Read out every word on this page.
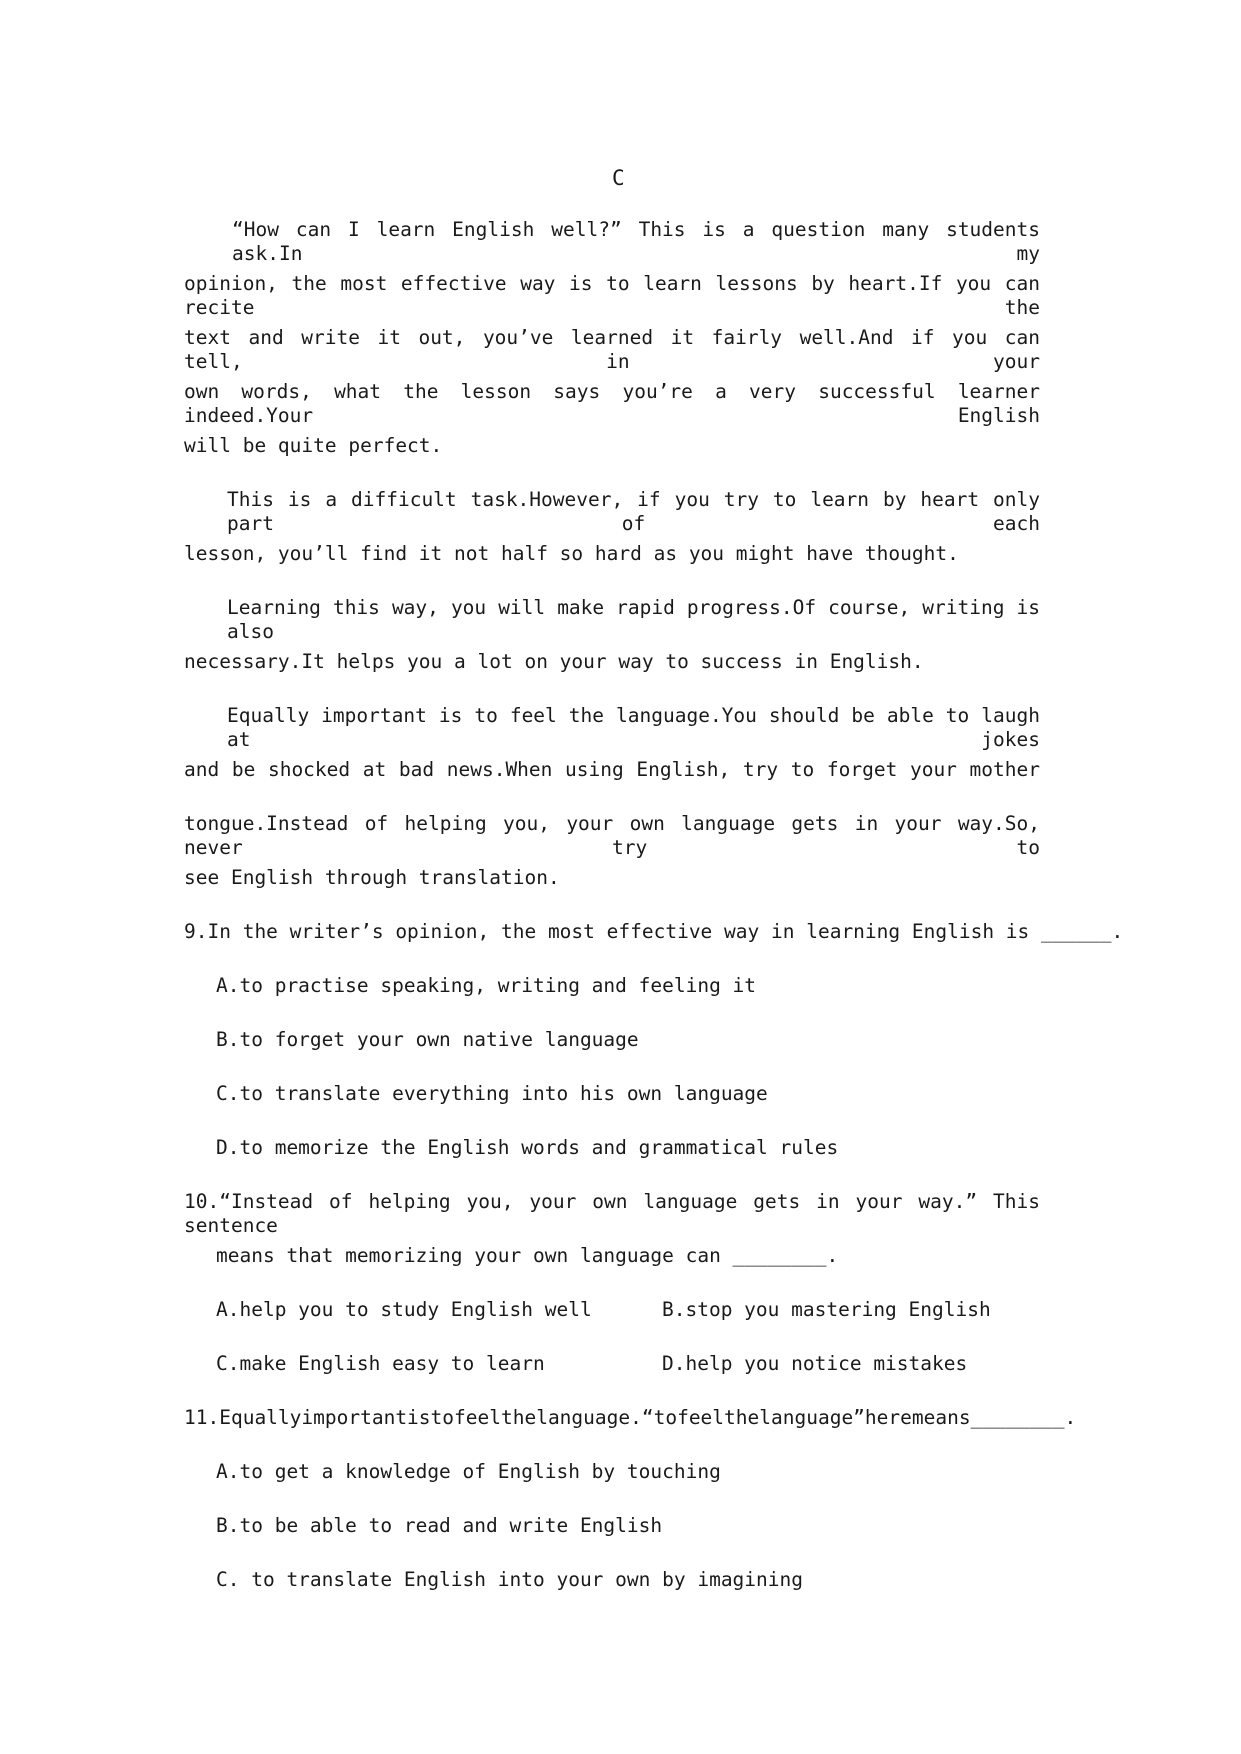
C
“How can I learn English well?” This is a question many students ask.In my
opinion, the most effective way is to learn lessons by heart.If you can recite the
text and write it out, you’ve learned it fairly well.And if you can tell, in your
own words, what the lesson says you’re a very successful learner indeed.Your English
will be quite perfect.
This is a difficult task.However, if you try to learn by heart only part of each
lesson, you’ll find it not half so hard as you might have thought.
Learning this way, you will make rapid progress.Of course, writing is also
necessary.It helps you a lot on your way to success in English.
Equally important is to feel the language.You should be able to laugh at jokes
and be shocked at bad news.When using English, try to forget your mother
tongue.Instead of helping you, your own language gets in your way.So, never try to
see English through translation.
9.In the writer’s opinion, the most effective way in learning English is ______.
A.to practise speaking, writing and feeling it
B.to forget your own native language
C.to translate everything into his own language
D.to memorize the English words and grammatical rules
10.“Instead of helping you, your own language gets in your way.” This sentence
means that memorizing your own language can ________.
A.help you to study English well	B.stop you mastering English
C.make English easy to learn	D.help you notice mistakes
11.Equallyimportantistofeelthelanguage.“tofeelthelanguage”heremeans________.
A.to get a knowledge of English by touching
B.to be able to read and write English
C. to translate English into your own by imagining
